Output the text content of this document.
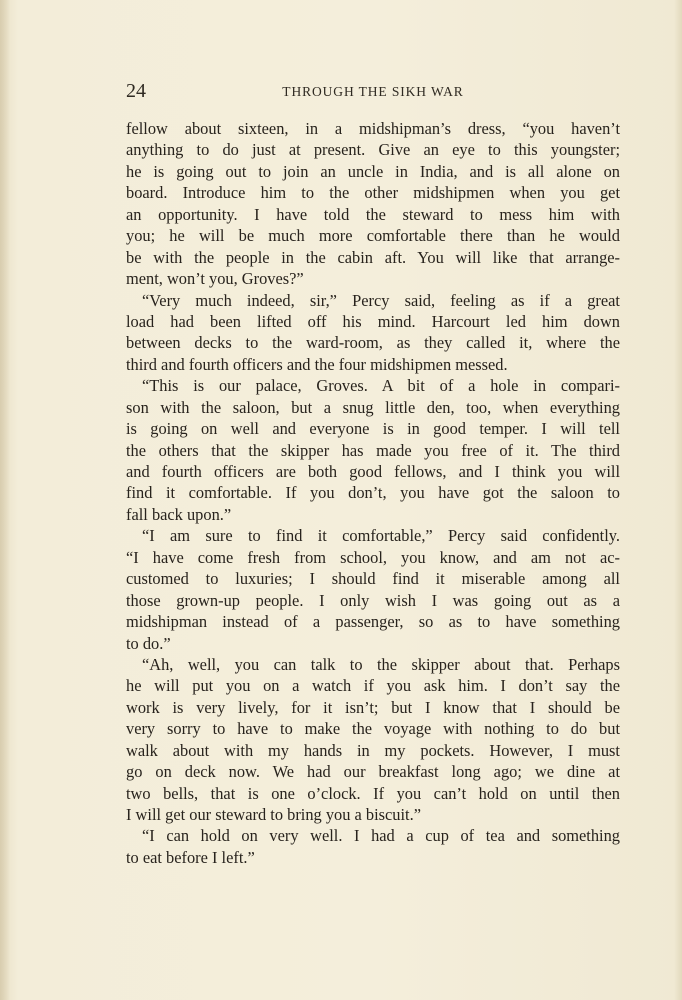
24	THROUGH THE SIKH WAR
fellow about sixteen, in a midshipman’s dress, “you haven’t
anything to do just at present. Give an eye to this youngster;
he is going out to join an uncle in India, and is all alone on
board. Introduce him to the other midshipmen when you get
an opportunity. I have told the steward to mess him with
you; he will be much more comfortable there than he would
be with the people in the cabin aft. You will like that arrange-
ment, won’t you, Groves?”
“Very much indeed, sir,” Percy said, feeling as if a great
load had been lifted off his mind. Harcourt led him down
between decks to the ward-room, as they called it, where the
third and fourth officers and the four midshipmen messed.
“This is our palace, Groves. A bit of a hole in compari-
son with the saloon, but a snug little den, too, when everything
is going on well and everyone is in good temper. I will tell
the others that the skipper has made you free of it. The third
and fourth officers are both good fellows, and I think you will
find it comfortable. If you don’t, you have got the saloon to
fall back upon.”
“I am sure to find it comfortable,” Percy said confidently.
“I have come fresh from school, you know, and am not ac-
customed to luxuries; I should find it miserable among all
those grown-up people. I only wish I was going out as a
midshipman instead of a passenger, so as to have something
to do.”
“Ah, well, you can talk to the skipper about that. Perhaps
he will put you on a watch if you ask him. I don’t say the
work is very lively, for it isn’t; but I know that I should be
very sorry to have to make the voyage with nothing to do but
walk about with my hands in my pockets. However, I must
go on deck now. We had our breakfast long ago; we dine at
two bells, that is one o’clock. If you can’t hold on until then
I will get our steward to bring you a biscuit.”
“I can hold on very well. I had a cup of tea and something
to eat before I left.”
